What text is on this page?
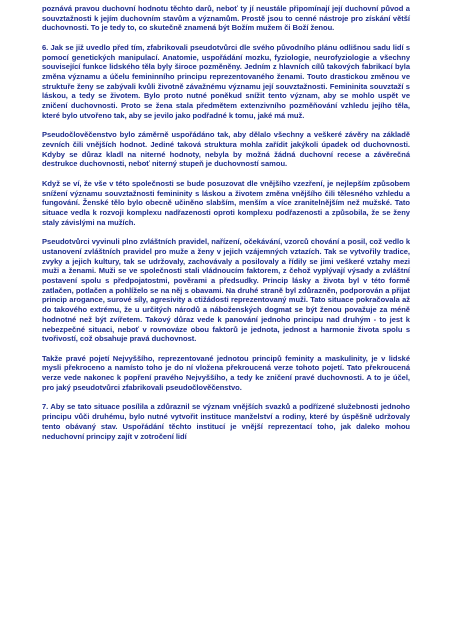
poznává pravou duchovní hodnotu těchto darů, neboť ty jí neustále připomínají její duchovní původ a souvztažnosti k jejím duchovním stavům a významům. Prostě jsou to cenné nástroje pro získání větší duchovnosti. To je tedy to, co skutečně znamená být Božím mužem či Boží ženou.

6. Jak se již uvedlo před tím, zfabrikovali pseudotvůrci dle svého původního plánu odlišnou sadu lidí s pomocí genetických manipulací. Anatomie, uspořádání mozku, fyziologie, neurofyziologie a všechny související funkce lidského těla byly široce pozměněny. Jedním z hlavních cílů takových fabrikací byla změna významu a účelu femininního principu reprezentovaného ženami. Touto drastickou změnou ve struktuře ženy se zabývali kvůli životně závažnému významu její souvztažnosti. Femininita souvztaží s láskou, a tedy se životem. Bylo proto nutné poněkud snížit tento význam, aby se mohlo uspět ve zničení duchovnosti. Proto se žena stala předmětem extenzivního pozměňování vzhledu jejího těla, které bylo utvořeno tak, aby se jevilo jako podřadné k tomu, jaké má muž.

Pseudočlověčenstvo bylo záměrně uspořádáno tak, aby dělalo všechny a veškeré závěry na základě zevních čili vnějších hodnot. Jediné taková struktura mohla zařídit jakýkoli úpadek od duchovnosti. Kdyby se důraz kladl na niterné hodnoty, nebyla by možná žádná duchovní recese a závěrečná destrukce duchovnosti, neboť niterný stupeň je duchovností samou.

Když se ví, že vše v této společnosti se bude posuzovat dle vnějšího vzezření, je nejlepším způsobem snížení významu souvztažnosti femininity s láskou a životem změna vnějšího čili tělesného vzhledu a fungování. Ženské tělo bylo obecně učiněno slabším, menším a více zranitelnějším než mužské. Tato situace vedla k rozvoji komplexu nadřazenosti oproti komplexu podřazenosti a způsobila, že se ženy staly závislými na mužích.

Pseudotvůrci vyvinuli plno zvláštních pravidel, nařízení, očekávání, vzorců chování a posil, což vedlo k ustanovení zvláštních pravidel pro muže a ženy v jejich vzájemných vztazích. Tak se vytvořily tradice, zvyky a jejich kultury, tak se udržovaly, zachovávaly a posilovaly a řídily se jimi veškeré vztahy mezi muži a ženami. Muži se ve společnosti stali vládnoucím faktorem, z čehož vyplývají výsady a zvláštní postavení spolu s předpojatostmi, pověrami a předsudky. Princip lásky a života byl v této formě zatlačen, potlačen a pohlíželo se na něj s obavami. Na druhé straně byl zdůrazněn, podporován a přijat princip arogance, surové síly, agresivity a ctižádosti reprezentovaný muži. Tato situace pokračovala až do takového extrému, že u určitých národů a náboženských dogmat se být ženou považuje za méně hodnotné než být zvířetem. Takový důraz vede k panování jednoho principu nad druhým - to jest k nebezpečné situaci, neboť v rovnováze obou faktorů je jednota, jednost a harmonie života spolu s tvořivostí, což obsahuje pravá duchovnost.

Takže pravé pojetí Nejvyššího, reprezentované jednotou principů feminity a maskulinity, je v lidské mysli překroceno a namísto toho je do ní vložena překroucená verze tohoto pojetí. Tato překroucená verze vede nakonec k popření pravého Nejvyššího, a tedy ke zničení pravé duchovnosti. A to je účel, pro jaký pseudotvůrci zfabrikovali pseudočlověčenstvo.

7. Aby se tato situace posílila a zdůraznil se význam vnějších svazků a podřízené služebnosti jednoho principu vůči druhému, bylo nutné vytvořit instituce manželství a rodiny, které by úspěšně udržovaly tento obávaný stav. Uspořádání těchto institucí je vnější reprezentací toho, jak daleko mohou neduchovní principy zajít v zotročení lidí
